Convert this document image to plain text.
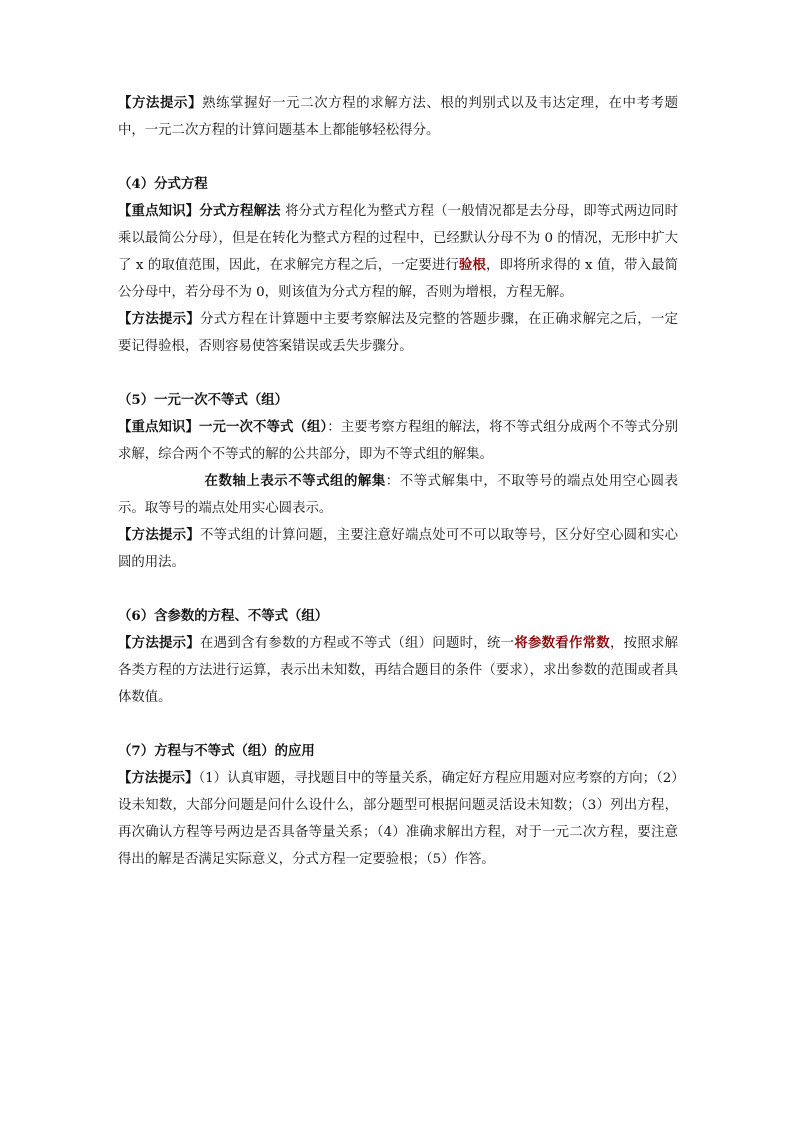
【方法提示】熟练掌握好一元二次方程的求解方法、根的判别式以及韦达定理，在中考考题中，一元二次方程的计算问题基本上都能够轻松得分。

（4）分式方程

【重点知识】分式方程解法 将分式方程化为整式方程（一般情况都是去分母，即等式两边同时乘以最简公分母），但是在转化为整式方程的过程中，已经默认分母不为 0 的情况，无形中扩大了 x 的取值范围，因此，在求解完方程之后，一定要进行验根，即将所求得的 x 值，带入最简公分母中，若分母不为 0，则该值为分式方程的解，否则为增根，方程无解。

【方法提示】分式方程在计算题中主要考察解法及完整的答题步骤，在正确求解完之后，一定要记得验根，否则容易使答案错误或丢失步骤分。

（5）一元一次不等式（组）

【重点知识】一元一次不等式（组）：主要考察方程组的解法，将不等式组分成两个不等式分别求解，综合两个不等式的解的公共部分，即为不等式组的解集。

在数轴上表示不等式组的解集：不等式解集中，不取等号的端点处用空心圆表示。取等号的端点处用实心圆表示。

【方法提示】不等式组的计算问题，主要注意好端点处可不可以取等号，区分好空心圆和实心圆的用法。

（6）含参数的方程、不等式（组）

【方法提示】在遇到含有参数的方程或不等式（组）问题时，统一将参数看作常数，按照求解各类方程的方法进行运算，表示出未知数，再结合题目的条件（要求），求出参数的范围或者具体数值。

（7）方程与不等式（组）的应用

【方法提示】（1）认真审题，寻找题目中的等量关系，确定好方程应用题对应考察的方向；（2）设未知数，大部分问题是问什么设什么，部分题型可根据问题灵活设未知数；（3）列出方程，再次确认方程等号两边是否具备等量关系；（4）准确求解出方程，对于一元二次方程，要注意得出的解是否满足实际意义，分式方程一定要验根；（5）作答。
